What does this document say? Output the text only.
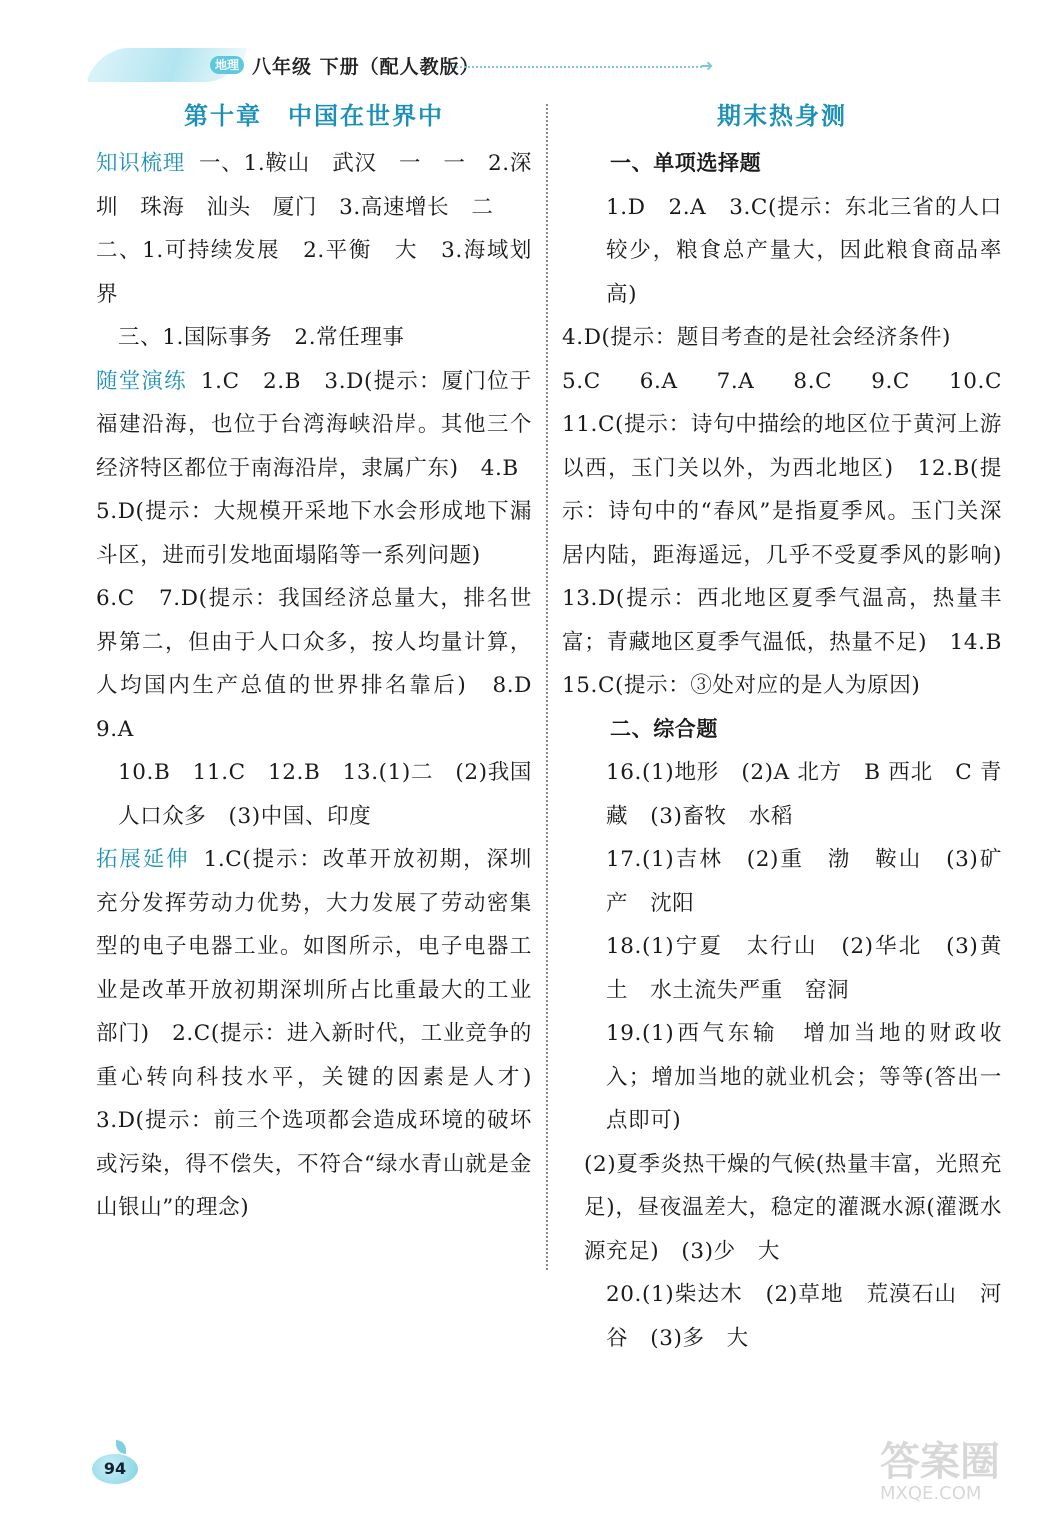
地理 八年级 下册（配人教版）	➜
第十章　中国在世界中

知识梳理 一、1.鞍山　武汉　一　一　2.深圳　珠海　汕头　厦门　3.高速增长　二

二、1.可持续发展　2.平衡　大　3.海域划界

三、1.国际事务　2.常任理事

随堂演练 1.C　2.B　3.D(提示：厦门位于福建沿海，也位于台湾海峡沿岸。其他三个经济特区都位于南海沿岸，隶属广东)　4.B

5.D(提示：大规模开采地下水会形成地下漏斗区，进而引发地面塌陷等一系列问题)

6.C　7.D(提示：我国经济总量大，排名世界第二，但由于人口众多，按人均量计算，人均国内生产总值的世界排名靠后)　8.D　9.A

10.B　11.C　12.B　13.(1)二　(2)我国人口众多　(3)中国、印度

拓展延伸 1.C(提示：改革开放初期，深圳充分发挥劳动力优势，大力发展了劳动密集型的电子电器工业。如图所示，电子电器工业是改革开放初期深圳所占比重最大的工业部门)　2.C(提示：进入新时代，工业竞争的重心转向科技水平，关键的因素是人才)　3.D(提示：前三个选项都会造成环境的破坏或污染，得不偿失，不符合“绿水青山就是金山银山”的理念)

期末热身测
一、单项选择题

1.D　2.A　3.C(提示：东北三省的人口较少，粮食总产量大，因此粮食商品率高)

4.D(提示：题目考查的是社会经济条件)

5.C　6.A　7.A　8.C　9.C　10.C　11.C(提示：诗句中描绘的地区位于黄河上游以西，玉门关以外，为西北地区)　12.B(提示：诗句中的“春风”是指夏季风。玉门关深居内陆，距海遥远，几乎不受夏季风的影响)　13.D(提示：西北地区夏季气温高，热量丰富；青藏地区夏季气温低，热量不足)　14.B　15.C(提示：③处对应的是人为原因)

二、综合题

16.(1)地形　(2)A 北方　B 西北　C 青藏　(3)畜牧　水稻

17.(1)吉林　(2)重　渤　鞍山　(3)矿产　沈阳

18.(1)宁夏　太行山　(2)华北　(3)黄土　水土流失严重　窑洞

19.(1)西气东输　增加当地的财政收入；增加当地的就业机会；等等(答出一点即可)

(2)夏季炎热干燥的气候(热量丰富，光照充足)，昼夜温差大，稳定的灌溉水源(灌溉水源充足)　(3)少　大

20.(1)柴达木　(2)草地　荒漠石山　河谷　(3)多　大

94	答案圈
MXQE.COM
